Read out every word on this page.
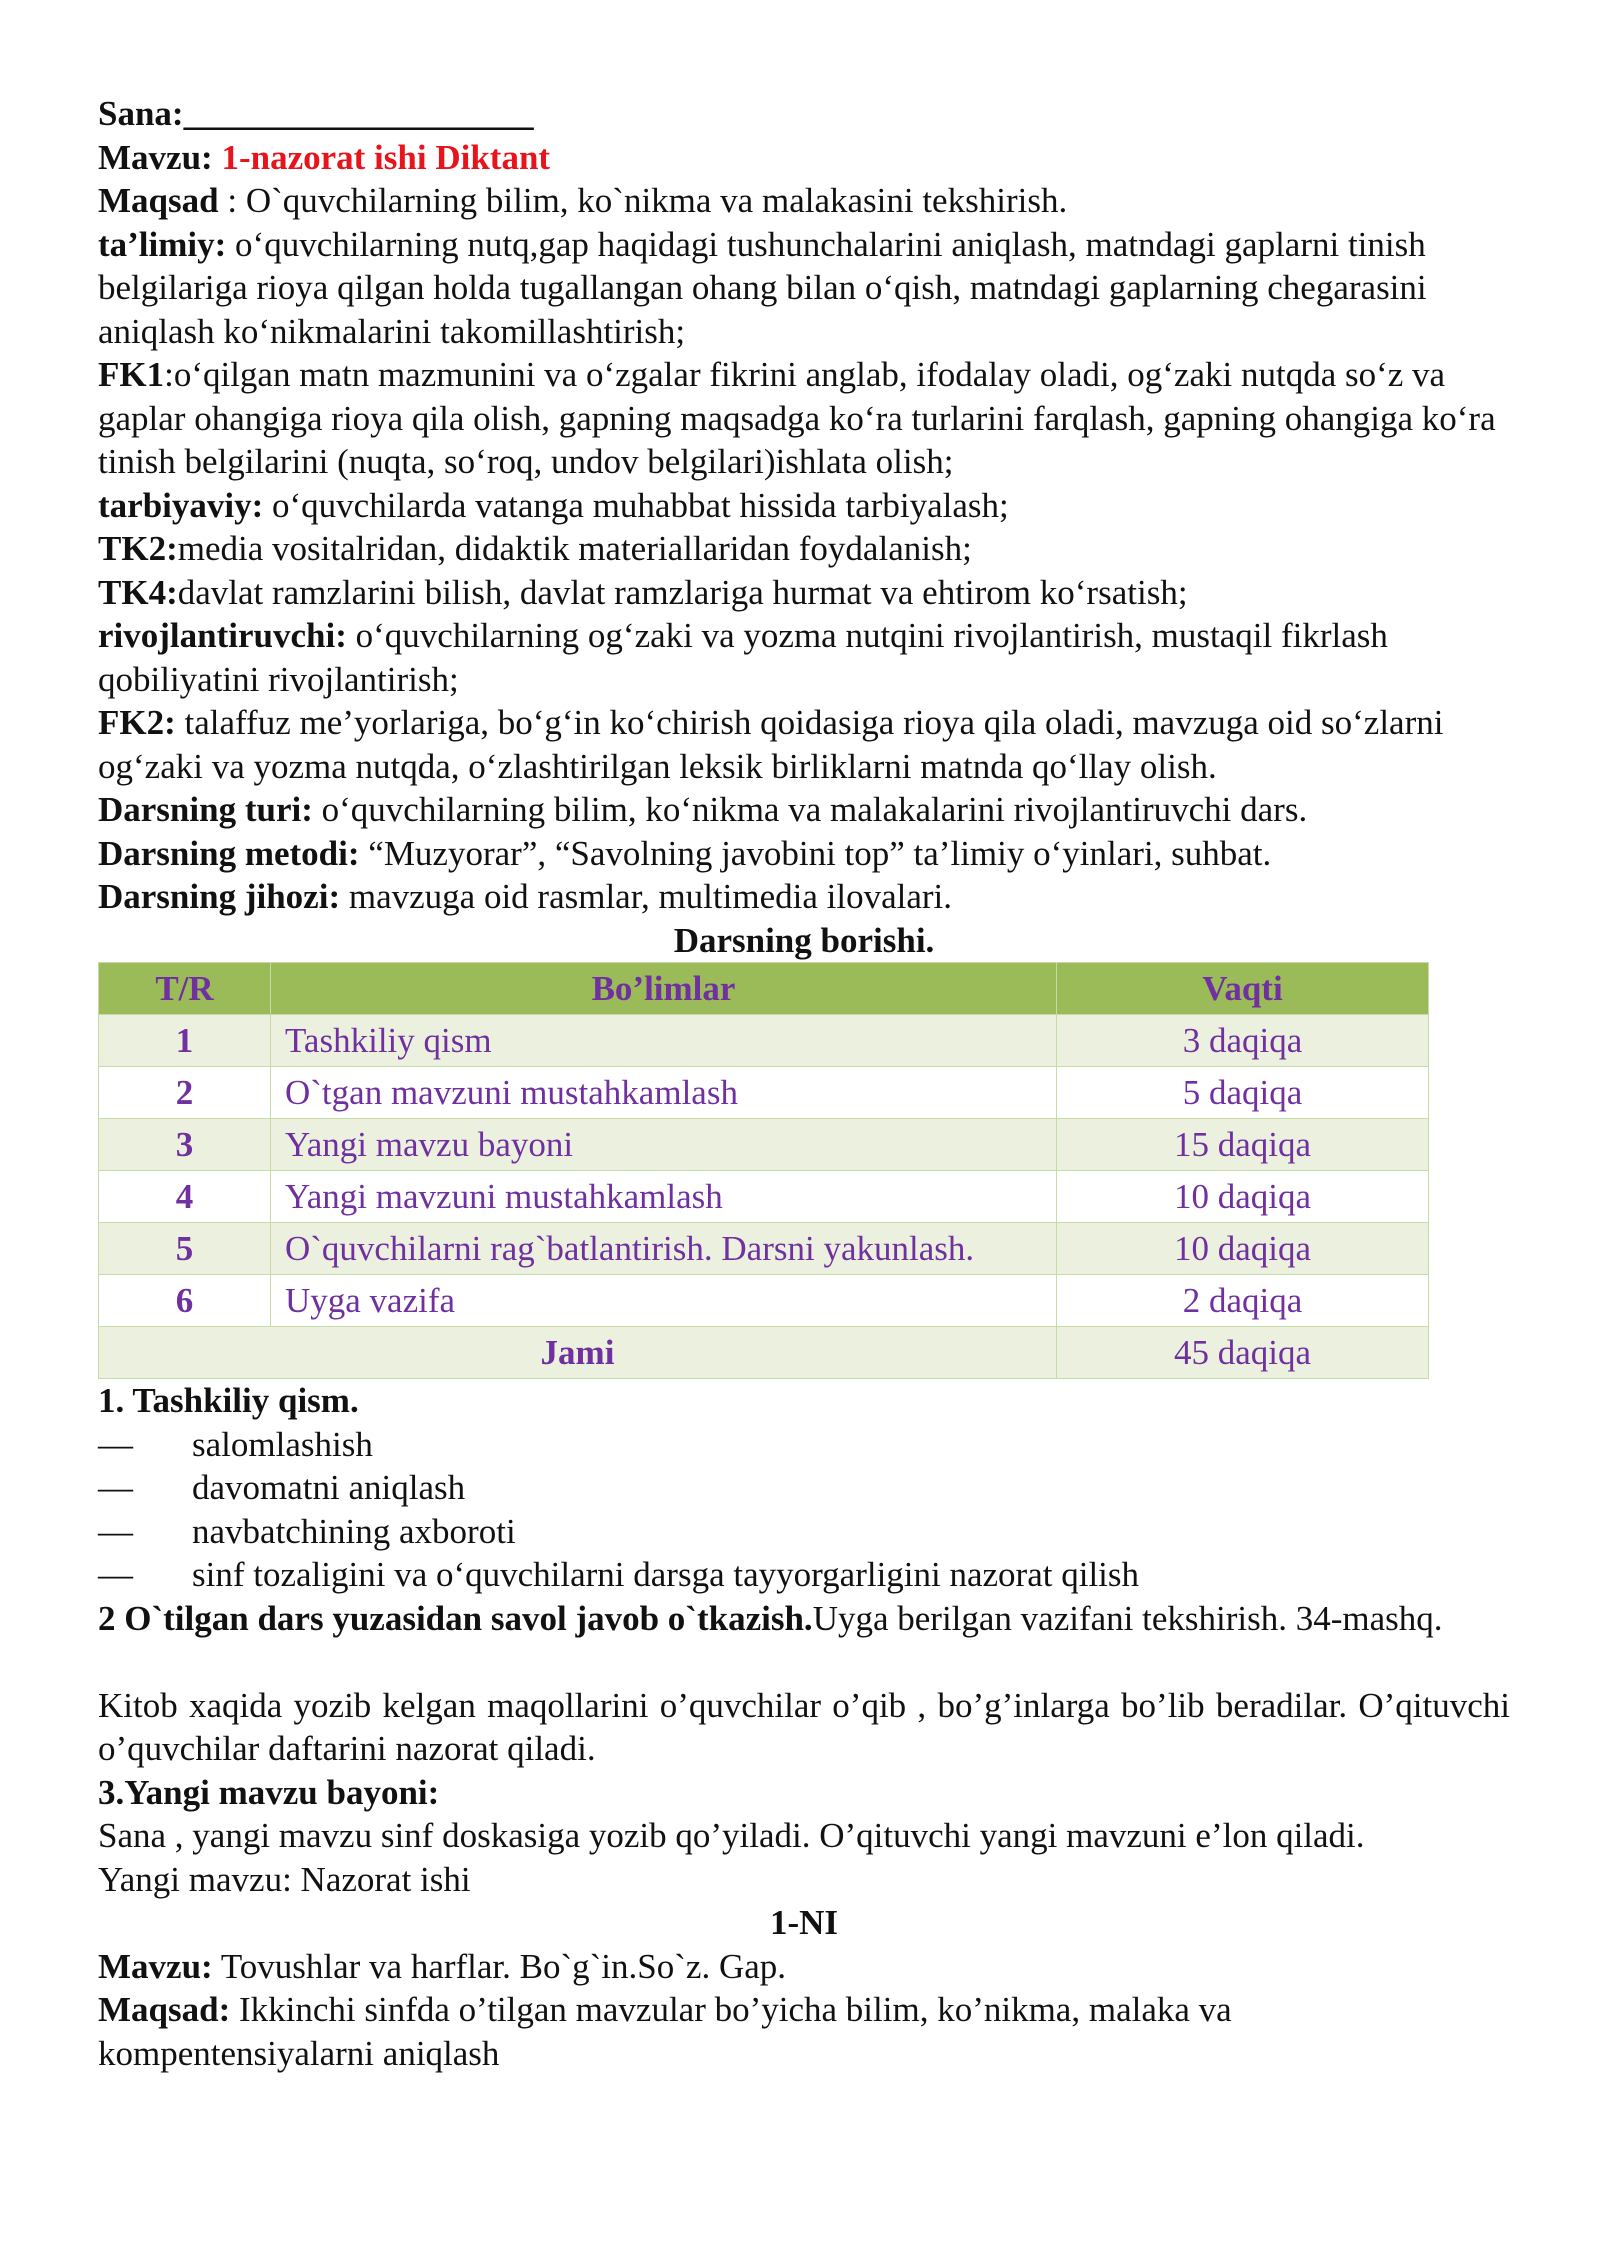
Sana:____________________

Mavzu: 1-nazorat ishi Diktant

Maqsad : O`quvchilarning bilim, ko`nikma va malakasini tekshirish.

ta’limiy: o‘quvchilarning nutq,gap haqidagi tushunchalarini aniqlash, matndagi gaplarni tinish belgilariga rioya qilgan holda tugallangan ohang bilan o‘qish, matndagi gaplarning chegarasini aniqlash ko‘nikmalarini takomillashtirish;

FK1:o‘qilgan matn mazmunini va o‘zgalar fikrini anglab, ifodalay oladi, og‘zaki nutqda so‘z va gaplar ohangiga rioya qila olish, gapning maqsadga ko‘ra turlarini farqlash, gapning ohangiga ko‘ra tinish belgilarini (nuqta, so‘roq, undov belgilari)ishlata olish;

tarbiyaviy: o‘quvchilarda vatanga muhabbat hissida tarbiyalash;

TK2:media vositalridan, didaktik materiallaridan foydalanish;

TK4:davlat ramzlarini bilish, davlat ramzlariga hurmat va ehtirom ko‘rsatish;

rivojlantiruvchi: o‘quvchilarning og‘zaki va yozma nutqini rivojlantirish, mustaqil fikrlash qobiliyatini rivojlantirish;

FK2: talaffuz me’yorlariga, bo‘g‘in ko‘chirish qoidasiga rioya qila oladi, mavzuga oid so‘zlarni og‘zaki va yozma nutqda, o‘zlashtirilgan leksik birliklarni matnda qo‘llay olish.

Darsning turi: o‘quvchilarning bilim, ko‘nikma va malakalarini rivojlantiruvchi dars.

Darsning metodi: “Muzyorar”, “Savolning javobini top” ta’limiy o‘yinlari, suhbat.

Darsning jihozi: mavzuga oid rasmlar, multimedia ilovalari.

Darsning borishi.

T/R	Bo’limlar	Vaqti
1	Tashkiliy qism	3 daqiqa
2	O`tgan mavzuni mustahkamlash	5 daqiqa
3	Yangi mavzu bayoni	15 daqiqa
4	Yangi mavzuni mustahkamlash	10 daqiqa
5	O`quvchilarni rag`batlantirish. Darsni yakunlash.	10 daqiqa
6	Uyga vazifa	2 daqiqa
Jami		45 daqiqa

1. Tashkiliy qism.

—	salomlashish
—	davomatni aniqlash
—	navbatchining axboroti
—	sinf tozaligini va o‘quvchilarni darsga tayyorgarligini nazorat qilish

2 O`tilgan dars yuzasidan savol javob o`tkazish.Uyga berilgan vazifani tekshirish. 34-mashq.

Kitob xaqida yozib kelgan maqollarini o’quvchilar o’qib , bo’g’inlarga bo’lib beradilar. O’qituvchi o’quvchilar daftarini nazorat qiladi.

3.Yangi mavzu bayoni:

Sana , yangi mavzu sinf doskasiga yozib qo’yiladi. O’qituvchi yangi mavzuni e’lon qiladi.

Yangi mavzu: Nazorat ishi

1-NI

Mavzu: Tovushlar va harflar. Bo`g`in.So`z. Gap.

Maqsad: Ikkinchi sinfda o’tilgan mavzular bo’yicha bilim, ko’nikma, malaka va kompentensiyalarni aniqlash
